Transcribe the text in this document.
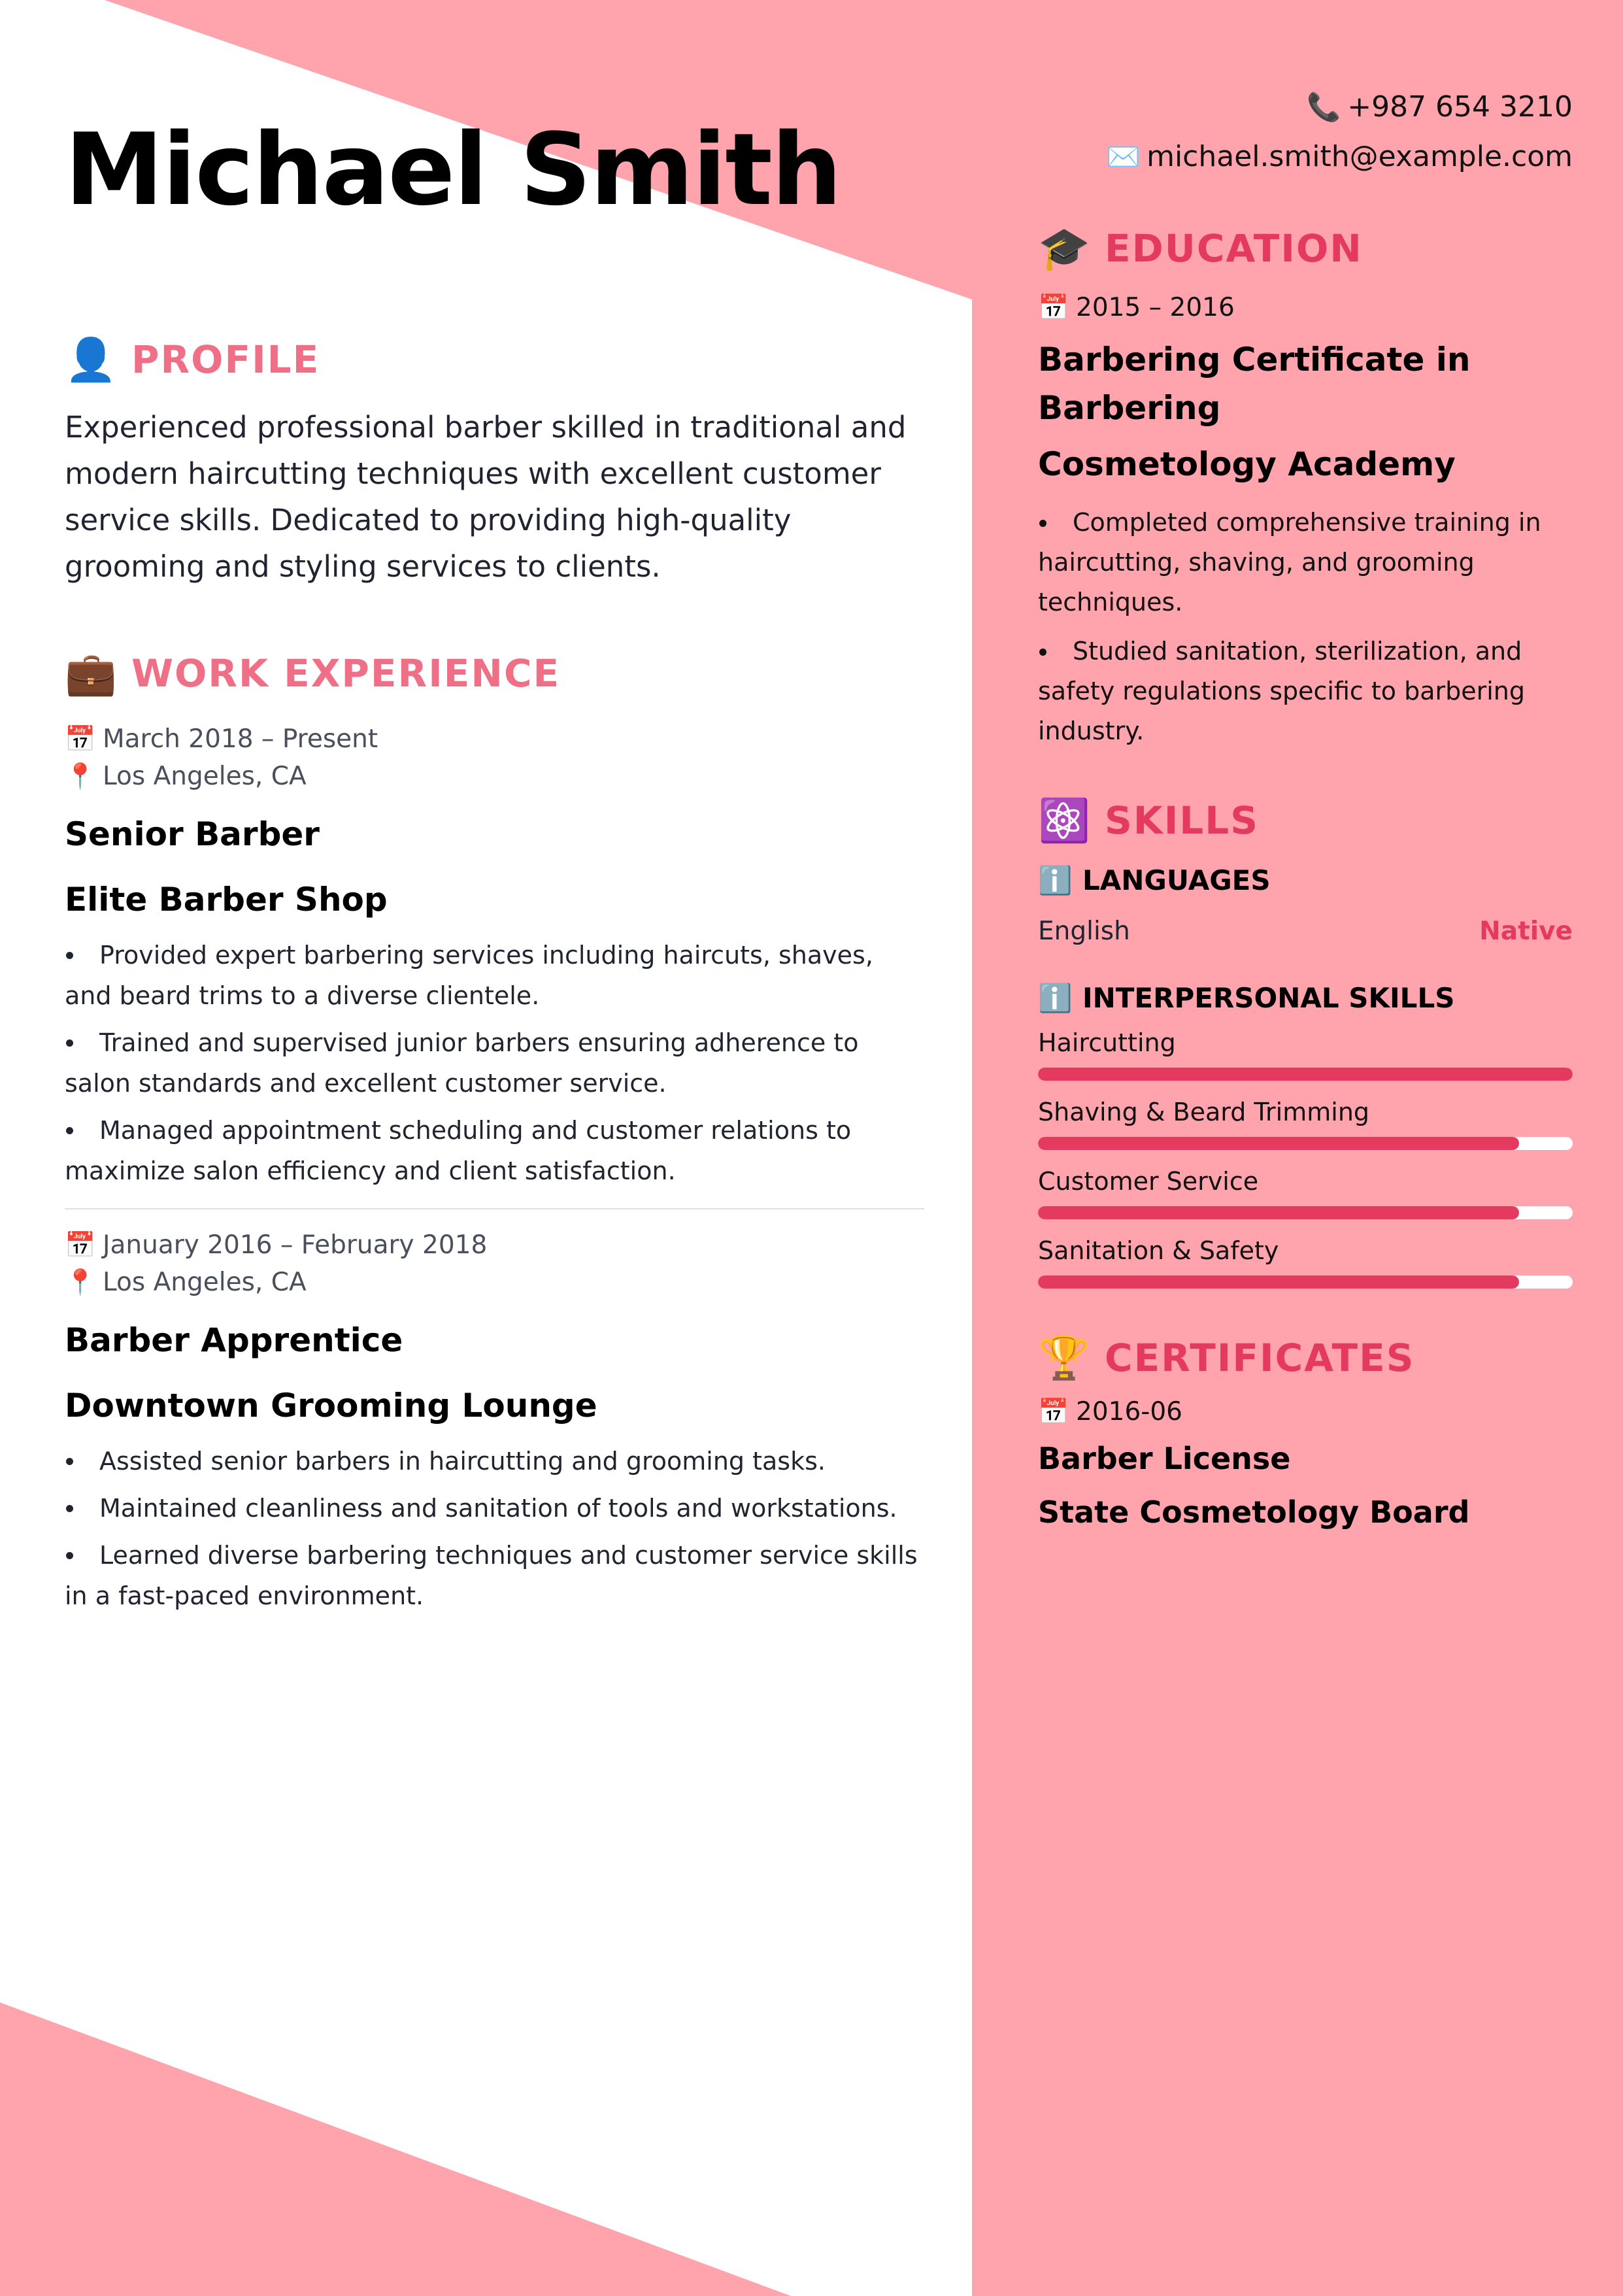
Michael Smith
📞 +987 654 3210
✉️ michael.smith@example.com
👤 PROFILE

Experienced professional barber skilled in traditional and modern haircutting techniques with excellent customer service skills. Dedicated to providing high-quality grooming and styling services to clients.

💼 WORK EXPERIENCE
📅 March 2018 – Present
📍 Los Angeles, CA
Senior Barber
Elite Barber Shop
Provided expert barbering services including haircuts, shaves, and beard trims to a diverse clientele.
Trained and supervised junior barbers ensuring adherence to salon standards and excellent customer service.
Managed appointment scheduling and customer relations to maximize salon efficiency and client satisfaction.
📅 January 2016 – February 2018
📍 Los Angeles, CA
Barber Apprentice
Downtown Grooming Lounge
Assisted senior barbers in haircutting and grooming tasks.
Maintained cleanliness and sanitation of tools and workstations.
Learned diverse barbering techniques and customer service skills in a fast-paced environment.
🎓 EDUCATION
📅 2015 – 2016
Barbering Certificate in Barbering
Cosmetology Academy
Completed comprehensive training in haircutting, shaving, and grooming techniques.
Studied sanitation, sterilization, and safety regulations specific to barbering industry.
⚛️ SKILLS
ℹ️ LANGUAGES
English	Native
ℹ️ INTERPERSONAL SKILLS
Haircutting
Shaving & Beard Trimming
Customer Service
Sanitation & Safety
🏆 CERTIFICATES
📅 2016-06
Barber License
State Cosmetology Board
